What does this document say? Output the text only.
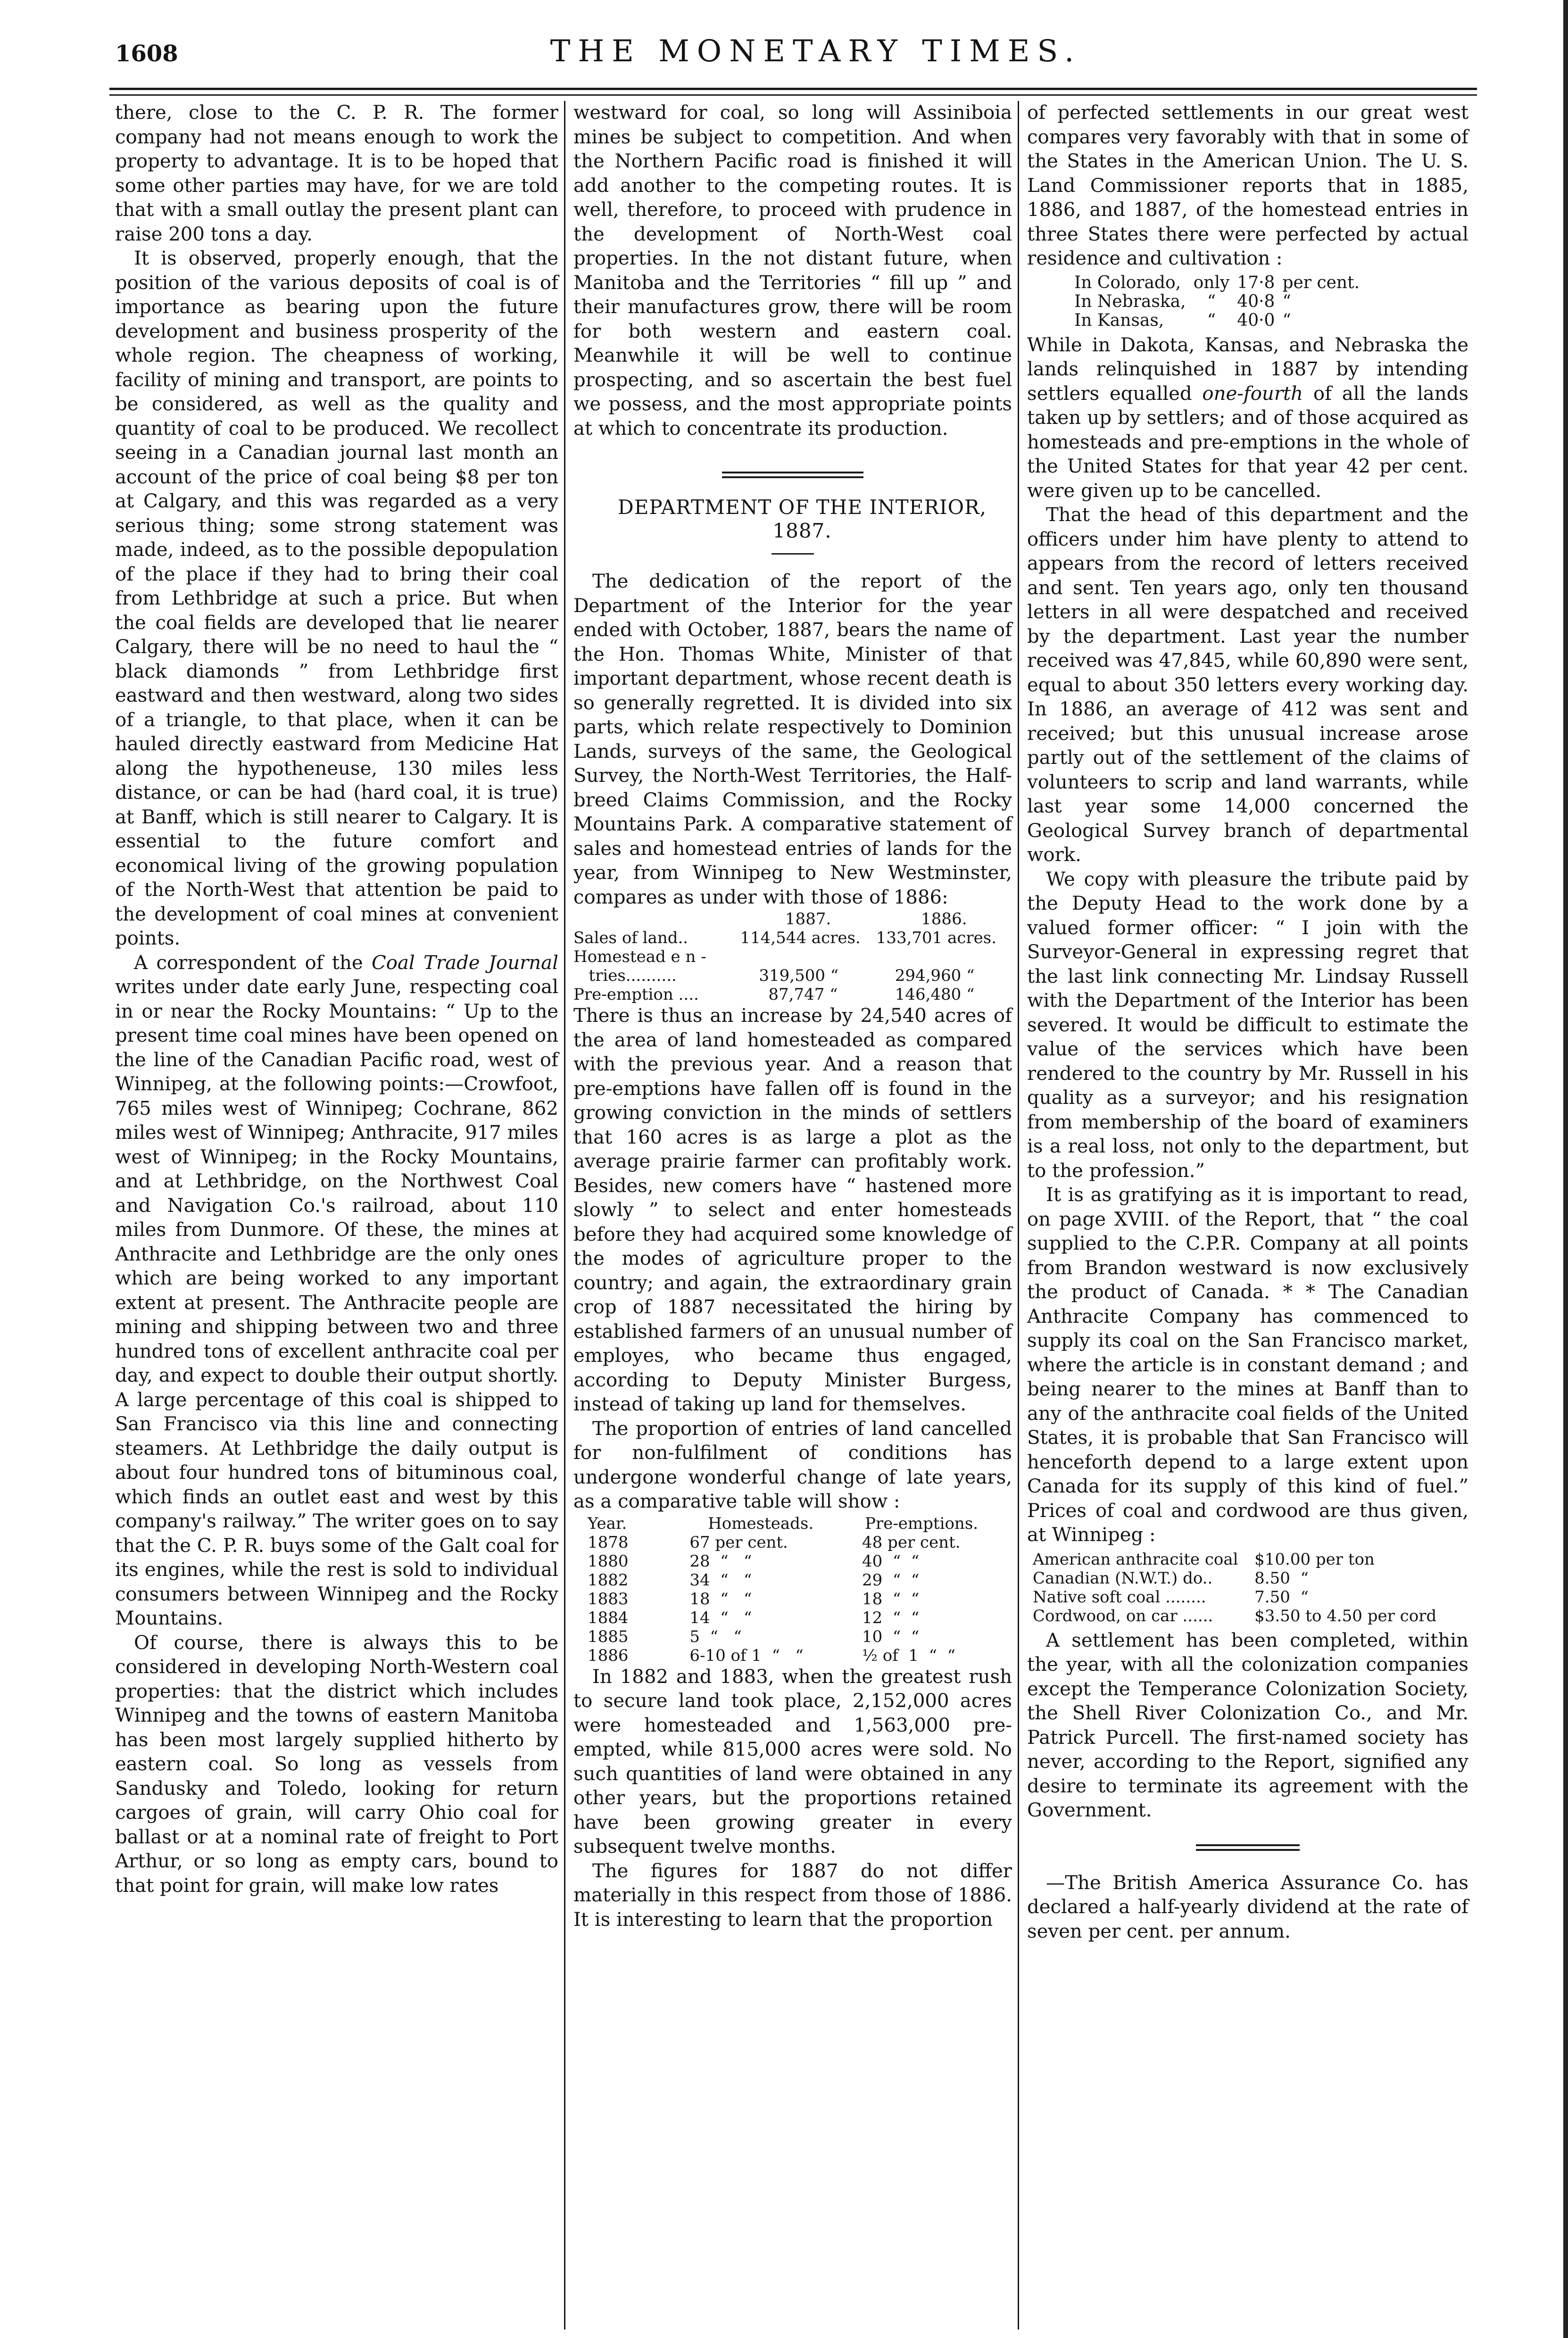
1608	THE MONETARY TIMES.

there, close to the C. P. R. The former company had not means enough to work the property to advantage. It is to be hoped that some other parties may have, for we are told that with a small outlay the present plant can raise 200 tons a day.

It is observed, properly enough, that the position of the various deposits of coal is of importance as bearing upon the future development and business prosperity of the whole region. The cheapness of working, facility of mining and transport, are points to be considered, as well as the quality and quantity of coal to be produced. We recollect seeing in a Canadian journal last month an account of the price of coal being $8 per ton at Calgary, and this was regarded as a very serious thing; some strong statement was made, indeed, as to the possible depopulation of the place if they had to bring their coal from Lethbridge at such a price. But when the coal fields are developed that lie nearer Calgary, there will be no need to haul the “ black diamonds ” from Lethbridge first eastward and then westward, along two sides of a triangle, to that place, when it can be hauled directly eastward from Medicine Hat along the hypotheneuse, 130 miles less distance, or can be had (hard coal, it is true) at Banff, which is still nearer to Calgary. It is essential to the future comfort and economical living of the growing population of the North-West that attention be paid to the development of coal mines at convenient points.

A correspondent of the Coal Trade Journal writes under date early June, respecting coal in or near the Rocky Mountains: “ Up to the present time coal mines have been opened on the line of the Canadian Pacific road, west of Winnipeg, at the following points:—Crowfoot, 765 miles west of Winnipeg; Cochrane, 862 miles west of Winnipeg; Anthracite, 917 miles west of Winnipeg; in the Rocky Mountains, and at Lethbridge, on the Northwest Coal and Navigation Co.'s railroad, about 110 miles from Dunmore. Of these, the mines at Anthracite and Lethbridge are the only ones which are being worked to any important extent at present. The Anthracite people are mining and shipping between two and three hundred tons of excellent anthracite coal per day, and expect to double their output shortly. A large percentage of this coal is shipped to San Francisco via this line and connecting steamers. At Lethbridge the daily output is about four hundred tons of bituminous coal, which finds an outlet east and west by this company's railway.” The writer goes on to say that the C. P. R. buys some of the Galt coal for its engines, while the rest is sold to individual consumers between Winnipeg and the Rocky Mountains.

Of course, there is always this to be considered in developing North-Western coal properties: that the district which includes Winnipeg and the towns of eastern Manitoba has been most largely supplied hitherto by eastern coal. So long as vessels from Sandusky and Toledo, looking for return cargoes of grain, will carry Ohio coal for ballast or at a nominal rate of freight to Port Arthur, or so long as empty cars, bound to that point for grain, will make low rates

westward for coal, so long will Assiniboia mines be subject to competition. And when the Northern Pacific road is finished it will add another to the competing routes. It is well, therefore, to proceed with prudence in the development of North-West coal properties. In the not distant future, when Manitoba and the Territories “ fill up ” and their manufactures grow, there will be room for both western and eastern coal. Meanwhile it will be well to continue prospecting, and so ascertain the best fuel we possess, and the most appropriate points at which to concentrate its production.

DEPARTMENT OF THE INTERIOR,

1887.

The dedication of the report of the Department of the Interior for the year ended with October, 1887, bears the name of the Hon. Thomas White, Minister of that important department, whose recent death is so generally regretted. It is divided into six parts, which relate respectively to Dominion Lands, surveys of the same, the Geological Survey, the North-West Territories, the Half-breed Claims Commission, and the Rocky Mountains Park. A comparative statement of sales and homestead entries of lands for the year, from Winnipeg to New Westminster, compares as under with those of 1886:

	1887.	1886.
Sales of land..	114,544 acres.	133,701 acres.
Homestead e n -		
tries..........	319,500 “	294,960 “
Pre-emption ....	87,747 “	146,480 “

There is thus an increase by 24,540 acres of the area of land homesteaded as compared with the previous year. And a reason that pre-emptions have fallen off is found in the growing conviction in the minds of settlers that 160 acres is as large a plot as the average prairie farmer can profitably work. Besides, new comers have “ hastened more slowly ” to select and enter homesteads before they had acquired some knowledge of the modes of agriculture proper to the country; and again, the extraordinary grain crop of 1887 necessitated the hiring by established farmers of an unusual number of employes, who became thus engaged, according to Deputy Minister Burgess, instead of taking up land for themselves.

The proportion of entries of land cancelled for non-fulfilment of conditions has undergone wonderful change of late years, as a comparative table will show :

Year.	Homesteads.	Pre-emptions.
1878	67 per cent.	48 per cent.
1880	28  “   “	40  “  “
1882	34  “   “	29  “  “
1883	18  “   “	18  “  “
1884	14  “   “	12  “  “
1885	5  “   “	10  “  “
1886	6-10 of 1  “   “	½ of  1  “  “

In 1882 and 1883, when the greatest rush to secure land took place, 2,152,000 acres were homesteaded and 1,563,000 pre-empted, while 815,000 acres were sold. No such quantities of land were obtained in any other years, but the proportions retained have been growing greater in every subsequent twelve months.

The figures for 1887 do not differ materially in this respect from those of 1886. It is interesting to learn that the proportion

of perfected settlements in our great west compares very favorably with that in some of the States in the American Union. The U. S. Land Commissioner reports that in 1885, 1886, and 1887, of the homestead entries in three States there were perfected by actual residence and cultivation :

In Colorado,	only	17·8	per cent.
In Nebraska,	“	40·8	“
In Kansas,	“	40·0	“

While in Dakota, Kansas, and Nebraska the lands relinquished in 1887 by intending settlers equalled one-fourth of all the lands taken up by settlers; and of those acquired as homesteads and pre-emptions in the whole of the United States for that year 42 per cent. were given up to be cancelled.

That the head of this department and the officers under him have plenty to attend to appears from the record of letters received and sent. Ten years ago, only ten thousand letters in all were despatched and received by the department. Last year the number received was 47,845, while 60,890 were sent, equal to about 350 letters every working day. In 1886, an average of 412 was sent and received; but this unusual increase arose partly out of the settlement of the claims of volunteers to scrip and land warrants, while last year some 14,000 concerned the Geological Survey branch of departmental work.

We copy with pleasure the tribute paid by the Deputy Head to the work done by a valued former officer: “ I join with the Surveyor-General in expressing regret that the last link connecting Mr. Lindsay Russell with the Department of the Interior has been severed. It would be difficult to estimate the value of the services which have been rendered to the country by Mr. Russell in his quality as a surveyor; and his resignation from membership of the board of examiners is a real loss, not only to the department, but to the profession.”

It is as gratifying as it is important to read, on page XVIII. of the Report, that “ the coal supplied to the C.P.R. Company at all points from Brandon westward is now exclusively the product of Canada. * * The Canadian Anthracite Company has commenced to supply its coal on the San Francisco market, where the article is in constant demand ; and being nearer to the mines at Banff than to any of the anthracite coal fields of the United States, it is probable that San Francisco will henceforth depend to a large extent upon Canada for its supply of this kind of fuel.” Prices of coal and cordwood are thus given, at Winnipeg :

American anthracite coal	$10.00 per ton
Canadian (N.W.T.) do..	8.50  “
Native soft coal ........	7.50  “
Cordwood, on car ......	$3.50 to 4.50 per cord

A settlement has been completed, within the year, with all the colonization companies except the Temperance Colonization Society, the Shell River Colonization Co., and Mr. Patrick Purcell. The first-named society has never, according to the Report, signified any desire to terminate its agreement with the Government.

—The British America Assurance Co. has declared a half-yearly dividend at the rate of seven per cent. per annum.
